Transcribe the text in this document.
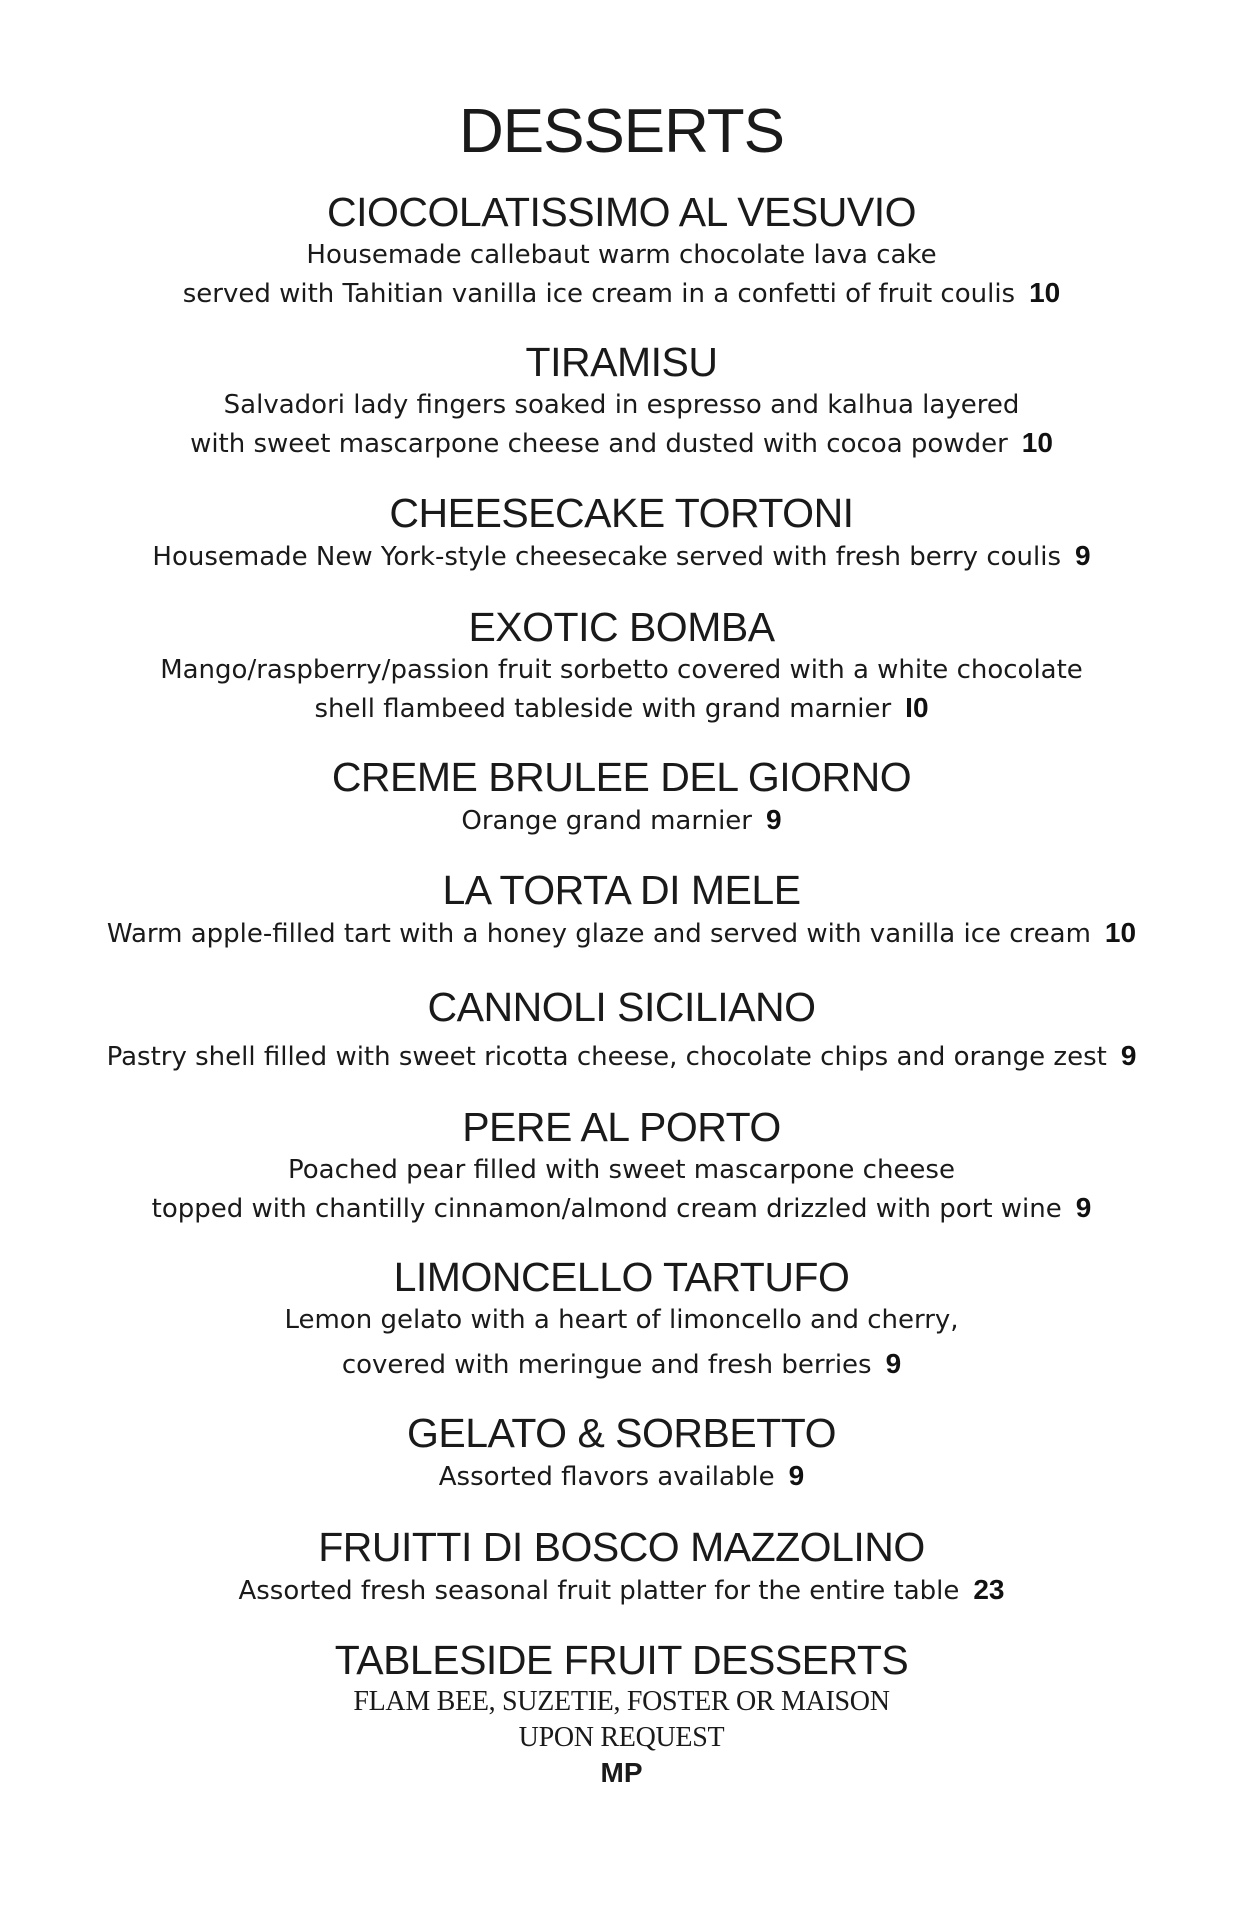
DESSERTS
CIOCOLATISSIMO AL VESUVIO
Housemade callebaut warm chocolate lava cake
served with Tahitian vanilla ice cream in a confetti of fruit coulis 10
TIRAMISU
Salvadori lady fingers soaked in espresso and kalhua layered
with sweet mascarpone cheese and dusted with cocoa powder 10
CHEESECAKE TORTONI
Housemade New York-style cheesecake served with fresh berry coulis 9
EXOTIC BOMBA
Mango/raspberry/passion fruit sorbetto covered with a white chocolate
shell flambeed tableside with grand marnier I0
CREME BRULEE DEL GIORNO
Orange grand marnier 9
LA TORTA DI MELE
Warm apple-filled tart with a honey glaze and served with vanilla ice cream 10
CANNOLI SICILIANO
Pastry shell filled with sweet ricotta cheese, chocolate chips and orange zest 9
PERE AL PORTO
Poached pear filled with sweet mascarpone cheese
topped with chantilly cinnamon/almond cream drizzled with port wine 9
LIMONCELLO TARTUFO
Lemon gelato with a heart of limoncello and cherry,
covered with meringue and fresh berries 9
GELATO & SORBETTO
Assorted flavors available 9
FRUITTI DI BOSCO MAZZOLINO
Assorted fresh seasonal fruit platter for the entire table 23
TABLESIDE FRUIT DESSERTS
FLAM BEE, SUZETIE, FOSTER OR MAISON
UPON REQUEST
MP
